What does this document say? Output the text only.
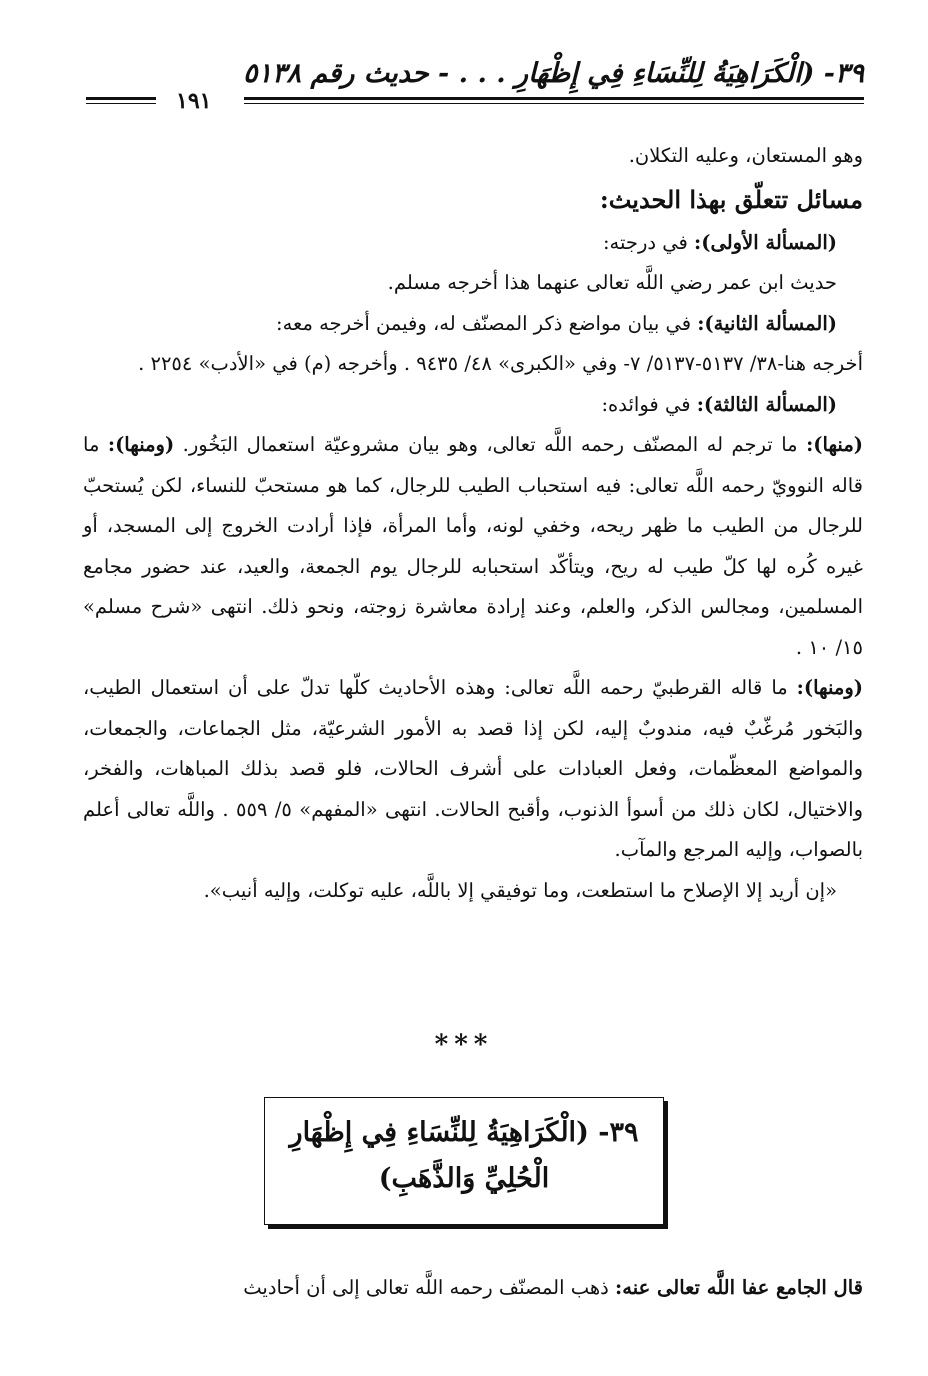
٣٩- (الْكَرَاهِيَةُ لِلنِّسَاءِ فِي إِظْهَارِ . . . - حديث رقم ٥١٣٨
١٩١

وهو المستعان، وعليه التكلان.

مسائل تتعلّق بهذا الحديث:

(المسألة الأولى): في درجته:

حديث ابن عمر رضي اللَّه تعالى عنهما هذا أخرجه مسلم.

(المسألة الثانية): في بيان مواضع ذكر المصنّف له، وفيمن أخرجه معه:

أخرجه هنا-٣٨/ ٥١٣٧-٥١٣٧/ ٧- وفي «الكبرى» ٤٨/ ٩٤٣٥ . وأخرجه (م) في «الأدب» ٢٢٥٤ .

(المسألة الثالثة): في فوائده:

(منها): ما ترجم له المصنّف رحمه اللَّه تعالى، وهو بيان مشروعيّة استعمال البَخُور. (ومنها): ما قاله النوويّ رحمه اللَّه تعالى: فيه استحباب الطيب للرجال، كما هو مستحبّ للنساء، لكن يُستحبّ للرجال من الطيب ما ظهر ريحه، وخفي لونه، وأما المرأة، فإذا أرادت الخروج إلى المسجد، أو غيره كُره لها كلّ طيب له ريح، ويتأكّد استحبابه للرجال يوم الجمعة، والعيد، عند حضور مجامع المسلمين، ومجالس الذكر، والعلم، وعند إرادة معاشرة زوجته، ونحو ذلك. انتهى «شرح مسلم» ١٥/ ١٠ .

(ومنها): ما قاله القرطبيّ رحمه اللَّه تعالى: وهذه الأحاديث كلّها تدلّ على أن استعمال الطيب، والبَخور مُرغّبٌ فيه، مندوبٌ إليه، لكن إذا قصد به الأمور الشرعيّة، مثل الجماعات، والجمعات، والمواضع المعظّمات، وفعل العبادات على أشرف الحالات، فلو قصد بذلك المباهات، والفخر، والاختيال، لكان ذلك من أسوأ الذنوب، وأقبح الحالات. انتهى «المفهم» ٥/ ٥٥٩ . واللَّه تعالى أعلم بالصواب، وإليه المرجع والمآب.

«إن أريد إلا الإصلاح ما استطعت، وما توفيقي إلا باللَّه، عليه توكلت، وإليه أنيب».

***
٣٩- (الْكَرَاهِيَةُ لِلنِّسَاءِ فِي إِظْهَارِ
الْحُلِيِّ وَالذَّهَبِ)
قال الجامع عفا اللَّه تعالى عنه: ذهب المصنّف رحمه اللَّه تعالى إلى أن أحاديث
